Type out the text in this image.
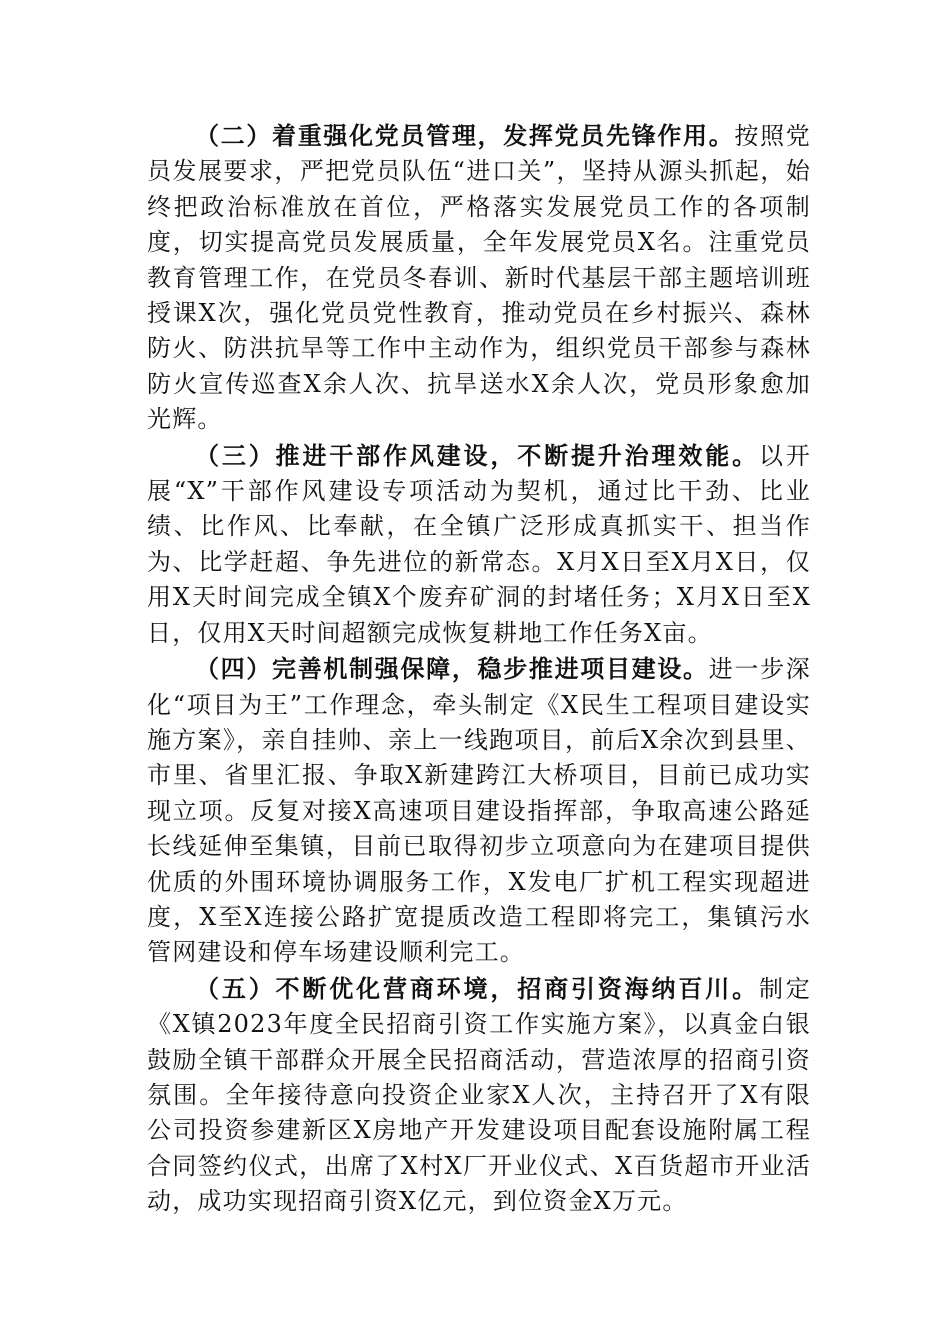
（二）着重强化党员管理，发挥党员先锋作用。按照党员发展要求，严把党员队伍“进口关”，坚持从源头抓起，始终把政治标准放在首位，严格落实发展党员工作的各项制度，切实提高党员发展质量，全年发展党员X名。注重党员教育管理工作，在党员冬春训、新时代基层干部主题培训班授课X次，强化党员党性教育，推动党员在乡村振兴、森林防火、防洪抗旱等工作中主动作为，组织党员干部参与森林防火宣传巡查X余人次、抗旱送水X余人次，党员形象愈加光辉。

（三）推进干部作风建设，不断提升治理效能。以开展“X”干部作风建设专项活动为契机，通过比干劲、比业绩、比作风、比奉献，在全镇广泛形成真抓实干、担当作为、比学赶超、争先进位的新常态。X月X日至X月X日，仅用X天时间完成全镇X个废弃矿洞的封堵任务；X月X日至X日，仅用X天时间超额完成恢复耕地工作任务X亩。

（四）完善机制强保障，稳步推进项目建设。进一步深化“项目为王”工作理念，牵头制定《X民生工程项目建设实施方案》，亲自挂帅、亲上一线跑项目，前后X余次到县里、市里、省里汇报、争取X新建跨江大桥项目，目前已成功实现立项。反复对接X高速项目建设指挥部，争取高速公路延长线延伸至集镇，目前已取得初步立项意向为在建项目提供优质的外围环境协调服务工作，X发电厂扩机工程实现超进度，X至X连接公路扩宽提质改造工程即将完工，集镇污水管网建设和停车场建设顺利完工。

（五）不断优化营商环境，招商引资海纳百川。制定《X镇2023年度全民招商引资工作实施方案》，以真金白银鼓励全镇干部群众开展全民招商活动，营造浓厚的招商引资氛围。全年接待意向投资企业家X人次，主持召开了X有限公司投资参建新区X房地产开发建设项目配套设施附属工程合同签约仪式，出席了X村X厂开业仪式、X百货超市开业活动，成功实现招商引资X亿元，到位资金X万元。
